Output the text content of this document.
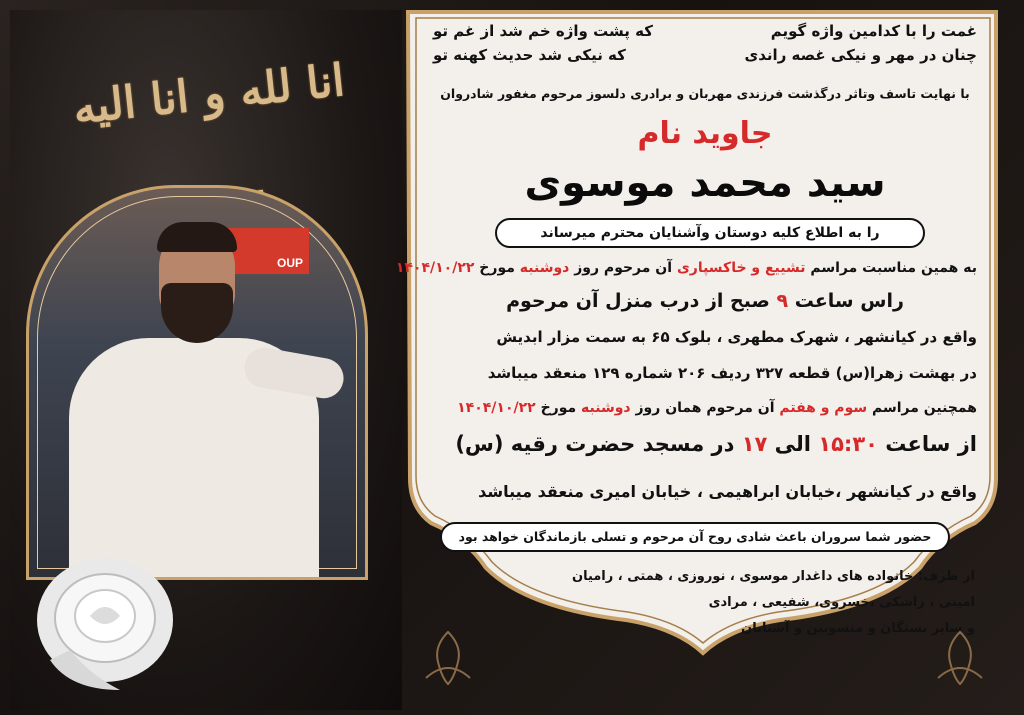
انا لله و انا الیه
OUP
غمت را با کدامین واژه گویم
که پشت واژه خم شد از غم تو
چنان در مهر و نیکی غصه راندی
که نیکی شد حدیث کهنه تو
با نهایت تاسف وتاثر درگذشت فرزندی مهربان و برادری دلسوز مرحوم مغفور شادروان
جاوید نام
سید محمد موسوی
را به اطلاع کلیه دوستان وآشنایان محترم میرساند
به همین مناسبت مراسم تشییع و خاکسپاری آن مرحوم روز دوشنبه مورخ ۱۴۰۴/۱۰/۲۲
راس ساعت ۹ صبح از درب منزل آن مرحوم
واقع در کیانشهر ، شهرک مطهری ، بلوک ۶۵ به سمت مزار ابدیش
در بهشت زهرا(س) قطعه ۳۲۷ ردیف ۲۰۶ شماره ۱۲۹ منعقد میباشد
همچنین مراسم سوم و هفتم آن مرحوم همان روز دوشنبه مورخ ۱۴۰۴/۱۰/۲۲
از ساعت ۱۵:۳۰ الی ۱۷ در مسجد حضرت رقیه (س)
واقع در کیانشهر ،خیابان ابراهیمی ، خیابان امیری منعقد میباشد
حضور شما سروران باعث شادی روح آن مرحوم و تسلی بازماندگان خواهد بود
از طرف: خانواده های داغدار موسوی ، نوروزی ، همتی ، رامیان
امینی ، راشکی ،خسروی، شفیعی ، مرادی
و سایر بستگان و منسوبین و آشنایان
